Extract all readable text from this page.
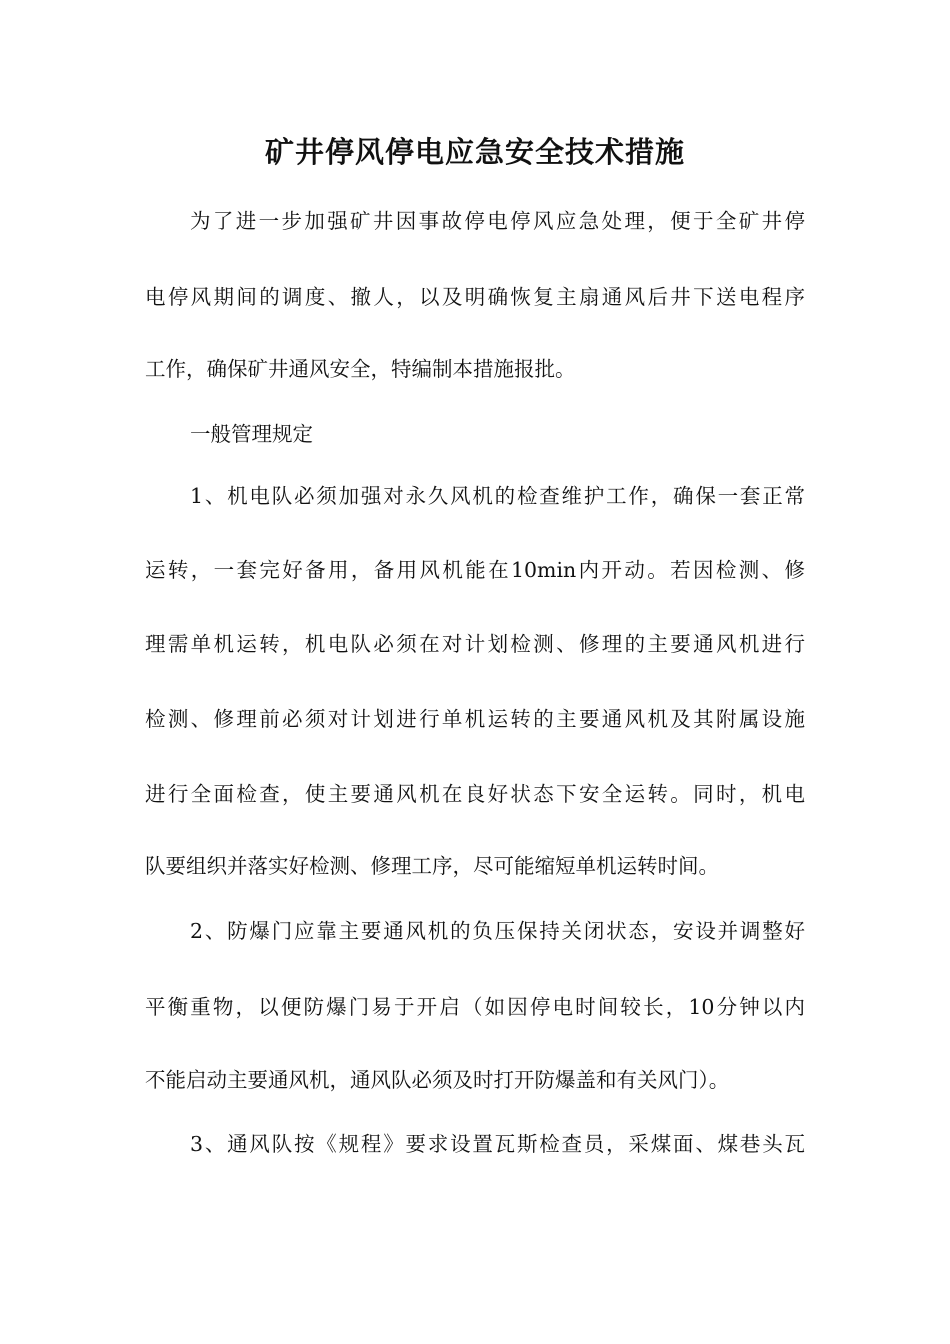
矿井停风停电应急安全技术措施
为了进一步加强矿井因事故停电停风应急处理，便于全矿井停
电停风期间的调度、撤人，以及明确恢复主扇通风后井下送电程序
工作，确保矿井通风安全，特编制本措施报批。
一般管理规定
1、机电队必须加强对永久风机的检查维护工作，确保一套正常
运转，一套完好备用，备用风机能在10min内开动。若因检测、修
理需单机运转，机电队必须在对计划检测、修理的主要通风机进行
检测、修理前必须对计划进行单机运转的主要通风机及其附属设施
进行全面检查，使主要通风机在良好状态下安全运转。同时，机电
队要组织并落实好检测、修理工序，尽可能缩短单机运转时间。
2、防爆门应靠主要通风机的负压保持关闭状态，安设并调整好
平衡重物，以便防爆门易于开启（如因停电时间较长，10分钟以内
不能启动主要通风机，通风队必须及时打开防爆盖和有关风门）。
3、通风队按《规程》要求设置瓦斯检查员，采煤面、煤巷头瓦
